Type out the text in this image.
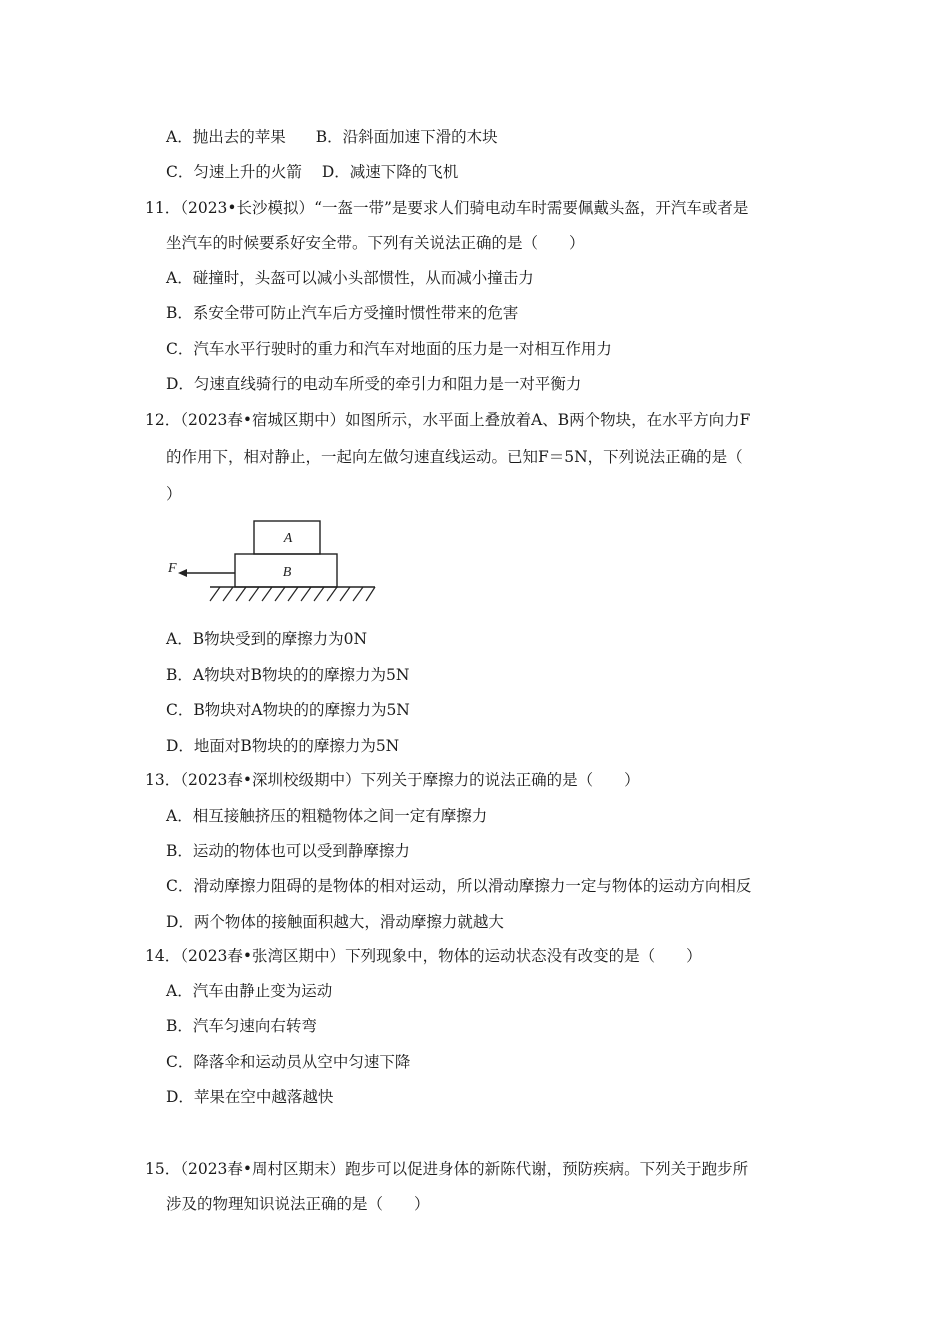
A．抛出去的苹果 B．沿斜面加速下滑的木块
C．匀速上升的火箭 D．减速下降的飞机
11．（2023•长沙模拟）“一盔一带”是要求人们骑电动车时需要佩戴头盔，开汽车或者是
坐汽车的时候要系好安全带。下列有关说法正确的是（　　）
A．碰撞时，头盔可以减小头部惯性，从而减小撞击力
B．系安全带可防止汽车后方受撞时惯性带来的危害
C．汽车水平行驶时的重力和汽车对地面的压力是一对相互作用力
D．匀速直线骑行的电动车所受的牵引力和阻力是一对平衡力
12．（2023春•宿城区期中）如图所示，水平面上叠放着A、B两个物块，在水平方向力F
的作用下，相对静止，一起向左做匀速直线运动。已知F＝5N，下列说法正确的是（
）
A
B
F
A．B物块受到的摩擦力为0N
B．A物块对B物块的的摩擦力为5N
C．B物块对A物块的的摩擦力为5N
D．地面对B物块的的摩擦力为5N
13．（2023春•深圳校级期中）下列关于摩擦力的说法正确的是（　　）
A．相互接触挤压的粗糙物体之间一定有摩擦力
B．运动的物体也可以受到静摩擦力
C．滑动摩擦力阻碍的是物体的相对运动，所以滑动摩擦力一定与物体的运动方向相反
D．两个物体的接触面积越大，滑动摩擦力就越大
14．（2023春•张湾区期中）下列现象中，物体的运动状态没有改变的是（　　）
A．汽车由静止变为运动
B．汽车匀速向右转弯
C．降落伞和运动员从空中匀速下降
D．苹果在空中越落越快
15．（2023春•周村区期末）跑步可以促进身体的新陈代谢，预防疾病。下列关于跑步所
涉及的物理知识说法正确的是（　　）
